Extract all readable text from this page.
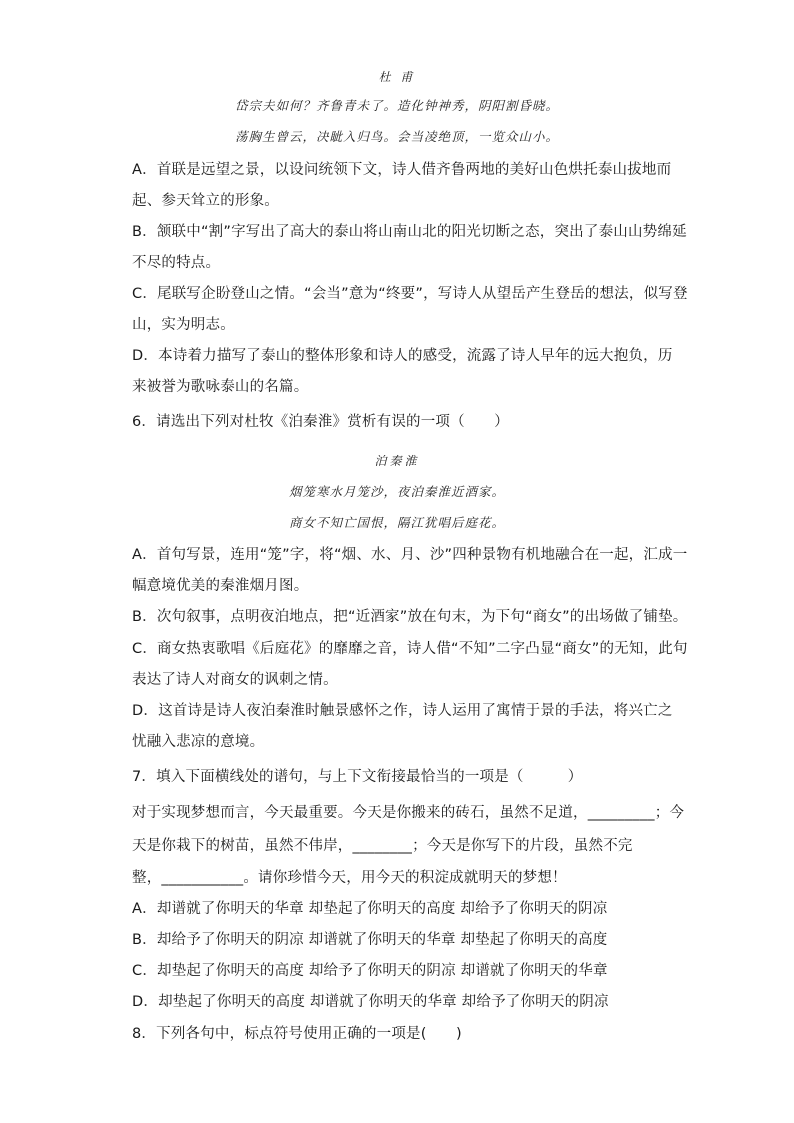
杜 甫
岱宗夫如何？齐鲁青未了。造化钟神秀，阴阳割昏晓。
荡胸生曾云，决眦入归鸟。会当凌绝顶，一览众山小。
A．首联是远望之景，以设问统领下文，诗人借齐鲁两地的美好山色烘托泰山拔地而
起、参天耸立的形象。
B．颔联中“割”字写出了高大的泰山将山南山北的阳光切断之态，突出了泰山山势绵延
不尽的特点。
C．尾联写企盼登山之情。“会当”意为“终要”，写诗人从望岳产生登岳的想法，似写登
山，实为明志。
D．本诗着力描写了泰山的整体形象和诗人的感受，流露了诗人早年的远大抱负，历
来被誉为歌咏泰山的名篇。
6．请选出下列对杜牧《泊秦淮》赏析有误的一项（　　）
泊秦淮
烟笼寒水月笼沙，夜泊秦淮近酒家。
商女不知亡国恨，隔江犹唱后庭花。
A．首句写景，连用“笼”字，将“烟、水、月、沙”四种景物有机地融合在一起，汇成一
幅意境优美的秦淮烟月图。
B．次句叙事，点明夜泊地点，把“近酒家”放在句末，为下句“商女”的出场做了铺垫。
C．商女热衷歌唱《后庭花》的靡靡之音，诗人借“不知”二字凸显“商女”的无知，此句
表达了诗人对商女的讽刺之情。
D．这首诗是诗人夜泊秦淮时触景感怀之作，诗人运用了寓情于景的手法，将兴亡之
忧融入悲凉的意境。
7．填入下面横线处的谱句，与上下文衔接最恰当的一项是（　　　）
对于实现梦想而言，今天最重要。今天是你搬来的砖石，虽然不足道，_________；今
天是你栽下的树苗，虽然不伟岸，________；今天是你写下的片段，虽然不完
整，___________。请你珍惜今天，用今天的积淀成就明天的梦想！
A．却谱就了你明天的华章 却垫起了你明天的高度 却给予了你明天的阴凉
B．却给予了你明天的阴凉 却谱就了你明天的华章 却垫起了你明天的高度
C．却垫起了你明天的高度 却给予了你明天的阴凉 却谱就了你明天的华章
D．却垫起了你明天的高度 却谱就了你明天的华章 却给予了你明天的阴凉
8．下列各句中，标点符号使用正确的一项是(　　)
